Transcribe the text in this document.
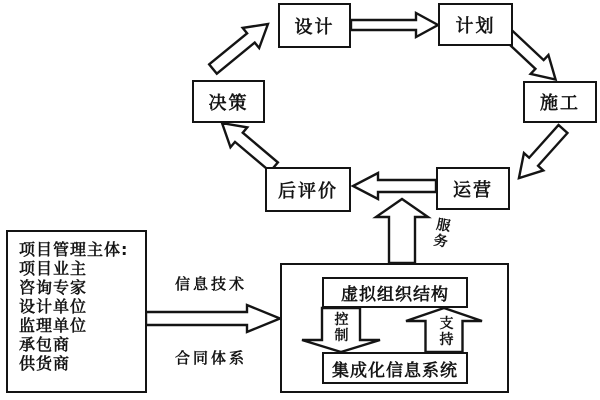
设计	计划
施工
运营
后评价
决策
项目管理主体:
项目业主
咨询专家
设计单位
监理单位
承包商
供货商
虚拟组织结构
集成化信息系统
信息技术
合同体系
服务
控制
支持
